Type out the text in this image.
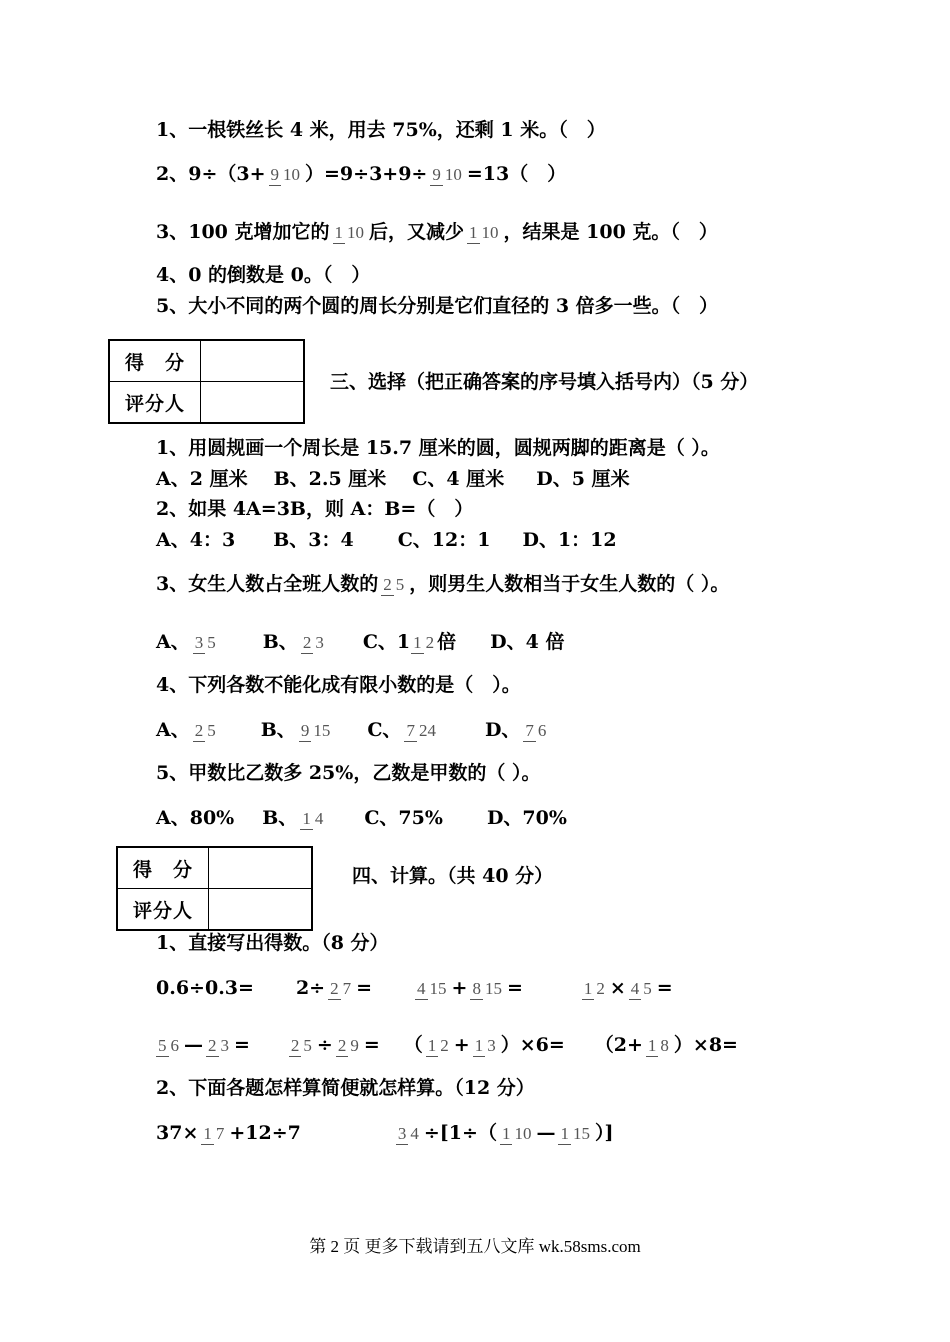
1、一根铁丝长 4 米，用去 75%，还剩 1 米。（　）
2、9÷（3+ 9 10 ）=9÷3+9÷ 9 10 =13（　）
3、100 克增加它的 1 10 后，又减少 1 10 ，结果是 100 克。（　）
4、0 的倒数是 0。（　）
5、大小不同的两个圆的周长分别是它们直径的 3 倍多一些。（　）
得　分	
评分人	
三、选择（把正确答案的序号填入括号内）（5 分）
1、用圆规画一个周长是 15.7 厘米的圆，圆规两脚的距离是（ ）。
A、2 厘米 B、2.5 厘米 C、4 厘米 D、5 厘米
2、如果 4A=3B，则 A：B=（　）
A、4：3 B、3：4 C、12：1 D、1：12
3、女生人数占全班人数的 2 5 ，则男生人数相当于女生人数的（ ）。
A、 3 5 B、 2 3 C、1 1 2 倍 D、4 倍
4、下列各数不能化成有限小数的是（　）。
A、 2 5 B、 9 15 C、 7 24	D、 7 6
5、甲数比乙数多 25%，乙数是甲数的（ ）。
A、80% B、 1 4 C、75% D、70%
得　分	
评分人	
四、计算。（共 40 分）
1、直接写出得数。（8 分）
0.6÷0.3= 2÷ 2 7 =	4 15 + 8 15 =	1 2 × 4 5 =
5 6 — 2 3 = 2 5 ÷ 2 9 = （ 1 2 + 1 3 ）×6= （2+ 1 8 ）×8=
2、下面各题怎样算简便就怎样算。（12 分）
37× 1 7 +12÷7	3 4 ÷[1÷（ 1 10 — 1 15 ）]
第 2 页 更多下载请到五八文库 wk.58sms.com
